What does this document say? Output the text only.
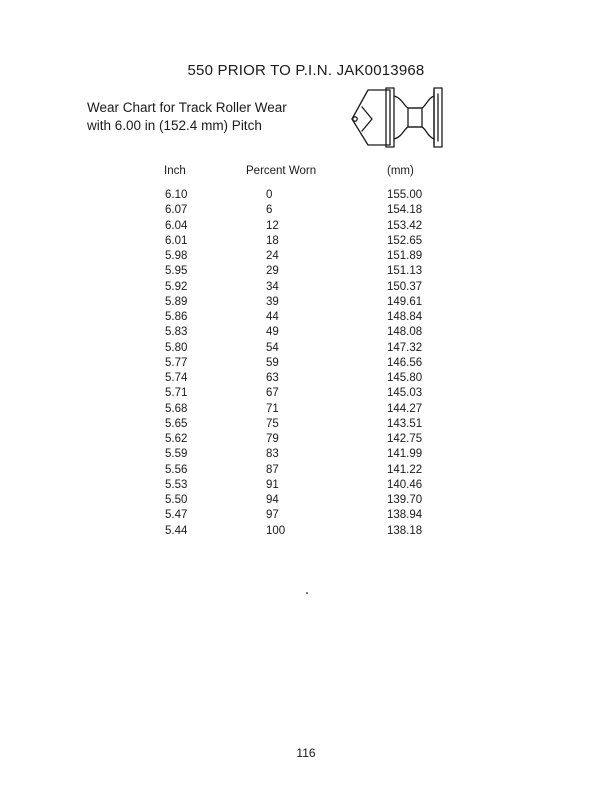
550 PRIOR TO P.I.N. JAK0013968
Wear Chart for Track Roller Wear
with 6.00 in (152.4 mm) Pitch
Inch	Percent Worn	(mm)
6.10	0	155.00
6.07	6	154.18
6.04	12	153.42
6.01	18	152.65
5.98	24	151.89
5.95	29	151.13
5.92	34	150.37
5.89	39	149.61
5.86	44	148.84
5.83	49	148.08
5.80	54	147.32
5.77	59	146.56
5.74	63	145.80
5.71	67	145.03
5.68	71	144.27
5.65	75	143.51
5.62	79	142.75
5.59	83	141.99
5.56	87	141.22
5.53	91	140.46
5.50	94	139.70
5.47	97	138.94
5.44	100	138.18
116
